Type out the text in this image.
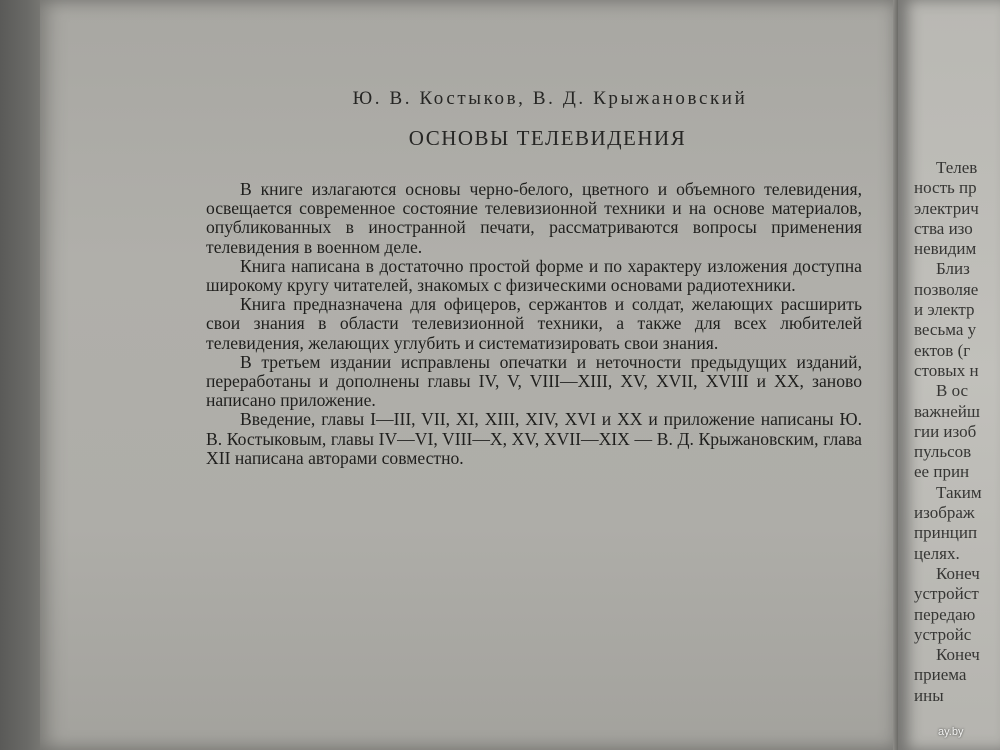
Ю. В. Костыков, В. Д. Крыжановский
ОСНОВЫ ТЕЛЕВИДЕНИЯ

В книге излагаются основы черно-белого, цветного и объемного телевидения, освещается современное состояние телевизионной техники и на основе материалов, опубликованных в иностранной печати, рассматриваются вопросы применения телевидения в военном деле.

Книга написана в достаточно простой форме и по характеру изложения доступна широкому кругу читателей, знакомых с физическими основами радиотехники.

Книга предназначена для офицеров, сержантов и солдат, желающих расширить свои знания в области телевизионной техники, а также для всех любителей телевидения, желающих углубить и систематизировать свои знания.

В третьем издании исправлены опечатки и неточности предыдущих изданий, переработаны и дополнены главы IV, V, VIII—XIII, XV, XVII, XVIII и XX, заново написано приложение.

Введение, главы I—III, VII, XI, XIII, XIV, XVI и XX и приложение написаны Ю. В. Костыковым, главы IV—VI, VIII—X, XV, XVII—XIX — В. Д. Крыжановским, глава XII написана авторами совместно.

Телев
ность пр
электрич
ства изо
невидим
Близ
позволяе
и электр
весьма у
ектов (г
стовых н
В ос
важнейш
гии изоб
пульсов
ее прин
Таким
изображ
принцип
целях.
Конеч
устройст
передаю
устройс
Конеч
приема
ины
ay.by
